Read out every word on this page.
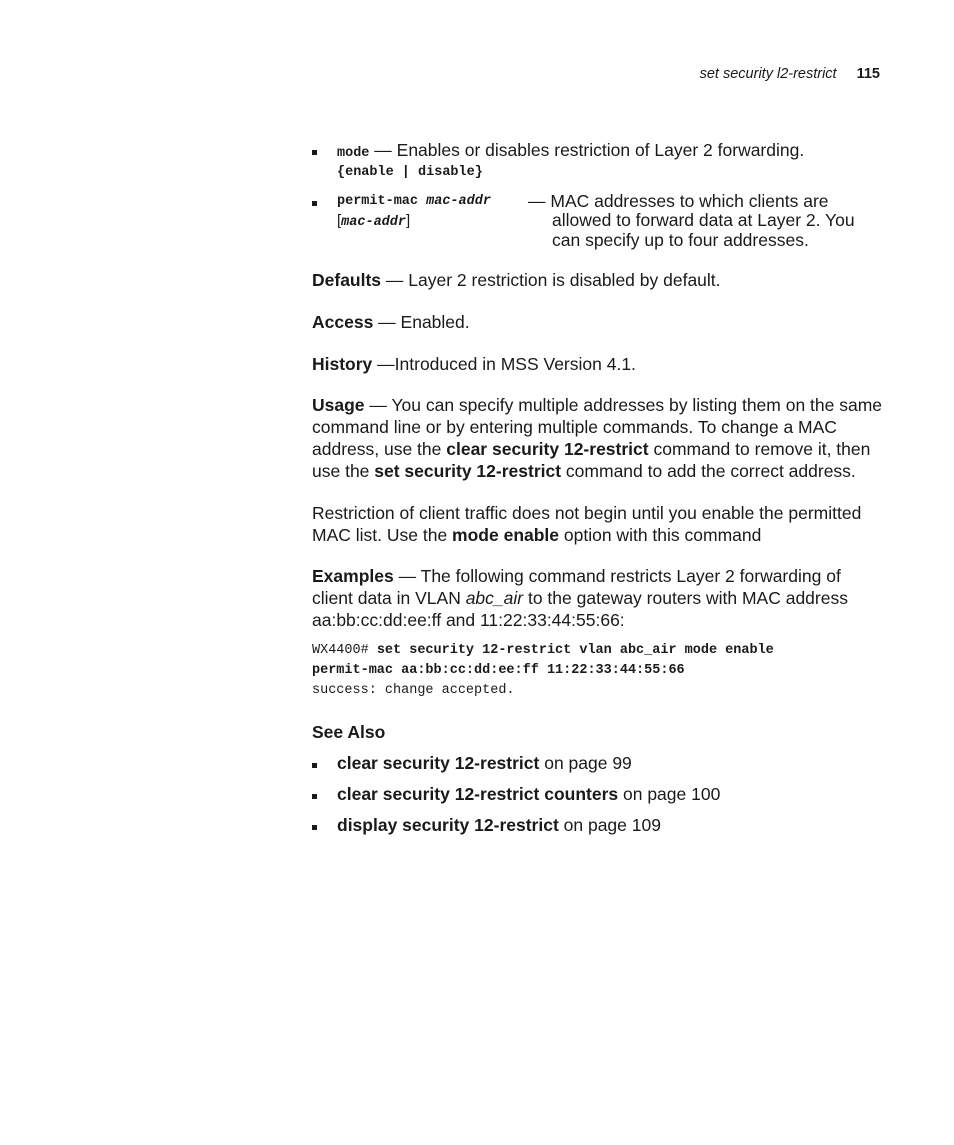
set security l2-restrict 115
mode — Enables or disables restriction of Layer 2 forwarding.
{enable | disable}
permit-mac mac-addr
[mac-addr]
— MAC addresses to which clients are
allowed to forward data at Layer 2. You
can specify up to four addresses.
Defaults — Layer 2 restriction is disabled by default.
Access — Enabled.
History —Introduced in MSS Version 4.1.
Usage — You can specify multiple addresses by listing them on the same
command line or by entering multiple commands. To change a MAC
address, use the clear security 12-restrict command to remove it, then
use the set security 12-restrict command to add the correct address.
Restriction of client traffic does not begin until you enable the permitted
MAC list. Use the mode enable option with this command
Examples — The following command restricts Layer 2 forwarding of
client data in VLAN abc_air to the gateway routers with MAC address
aa:bb:cc:dd:ee:ff and 11:22:33:44:55:66:
WX4400# set security 12-restrict vlan abc_air mode enable
permit-mac aa:bb:cc:dd:ee:ff 11:22:33:44:55:66
success: change accepted.
See Also
clear security 12-restrict on page 99
clear security 12-restrict counters on page 100
display security 12-restrict on page 109
